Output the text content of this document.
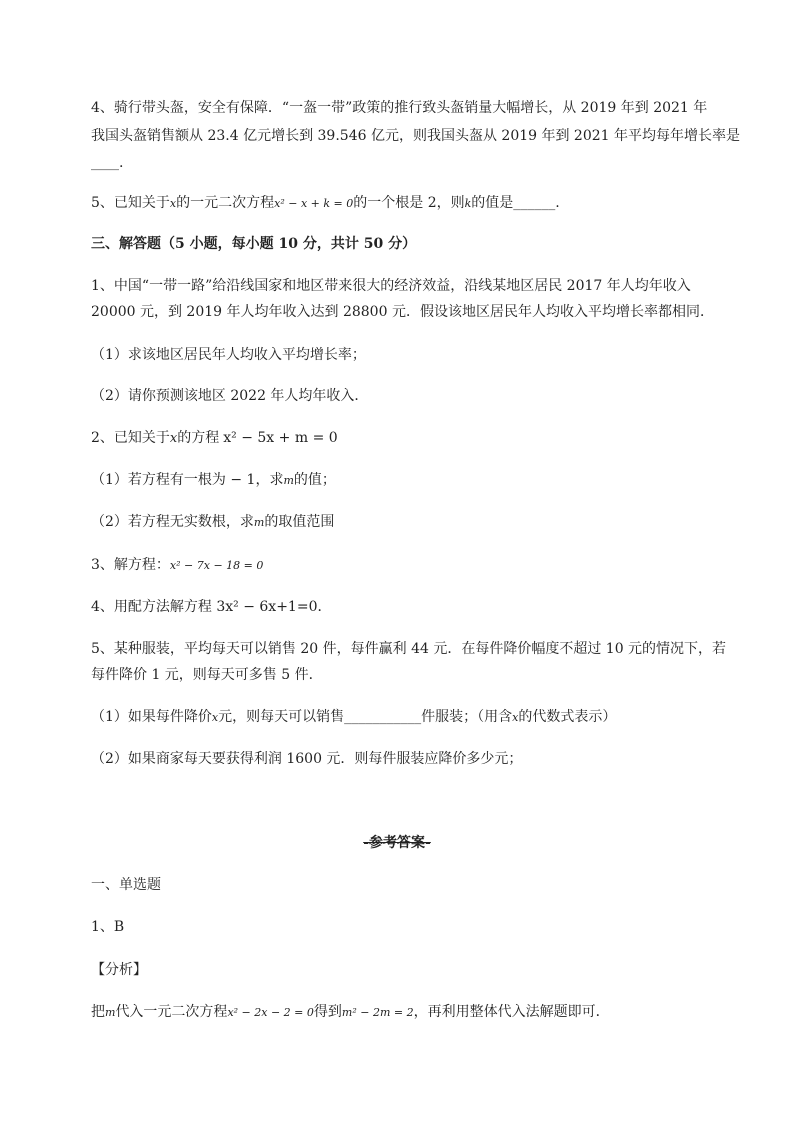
4、骑行带头盔，安全有保障．“一盔一带”政策的推行致头盔销量大幅增长，从 2019 年到 2021 年
我国头盔销售额从 23.4 亿元增长到 39.546 亿元，则我国头盔从 2019 年到 2021 年平均每年增长率是
____.
5、已知关于x的一元二次方程x² − x + k = 0的一个根是 2，则k的值是______.
三、解答题（5 小题，每小题 10 分，共计 50 分）
1、中国“一带一路”给沿线国家和地区带来很大的经济效益，沿线某地区居民 2017 年人均年收入
20000 元，到 2019 年人均年收入达到 28800 元．假设该地区居民年人均收入平均增长率都相同．
（1）求该地区居民年人均收入平均增长率；
（2）请你预测该地区 2022 年人均年收入．
2、已知关于x的方程 x² − 5x + m = 0
（1）若方程有一根为 − 1，求m的值；
（2）若方程无实数根，求m的取值范围
3、解方程：x² − 7x − 18 = 0
4、用配方法解方程 3x² − 6x+1=0．
5、某种服装，平均每天可以销售 20 件，每件赢利 44 元．在每件降价幅度不超过 10 元的情况下，若
每件降价 1 元，则每天可多售 5 件．
（1）如果每件降价x元，则每天可以销售___________件服装；（用含x的代数式表示）
（2）如果商家每天要获得利润 1600 元．则每件服装应降价多少元；
-参考答案-
一、单选题
1、B
【分析】
把m代入一元二次方程x² − 2x − 2 = 0得到m² − 2m = 2，再利用整体代入法解题即可．
